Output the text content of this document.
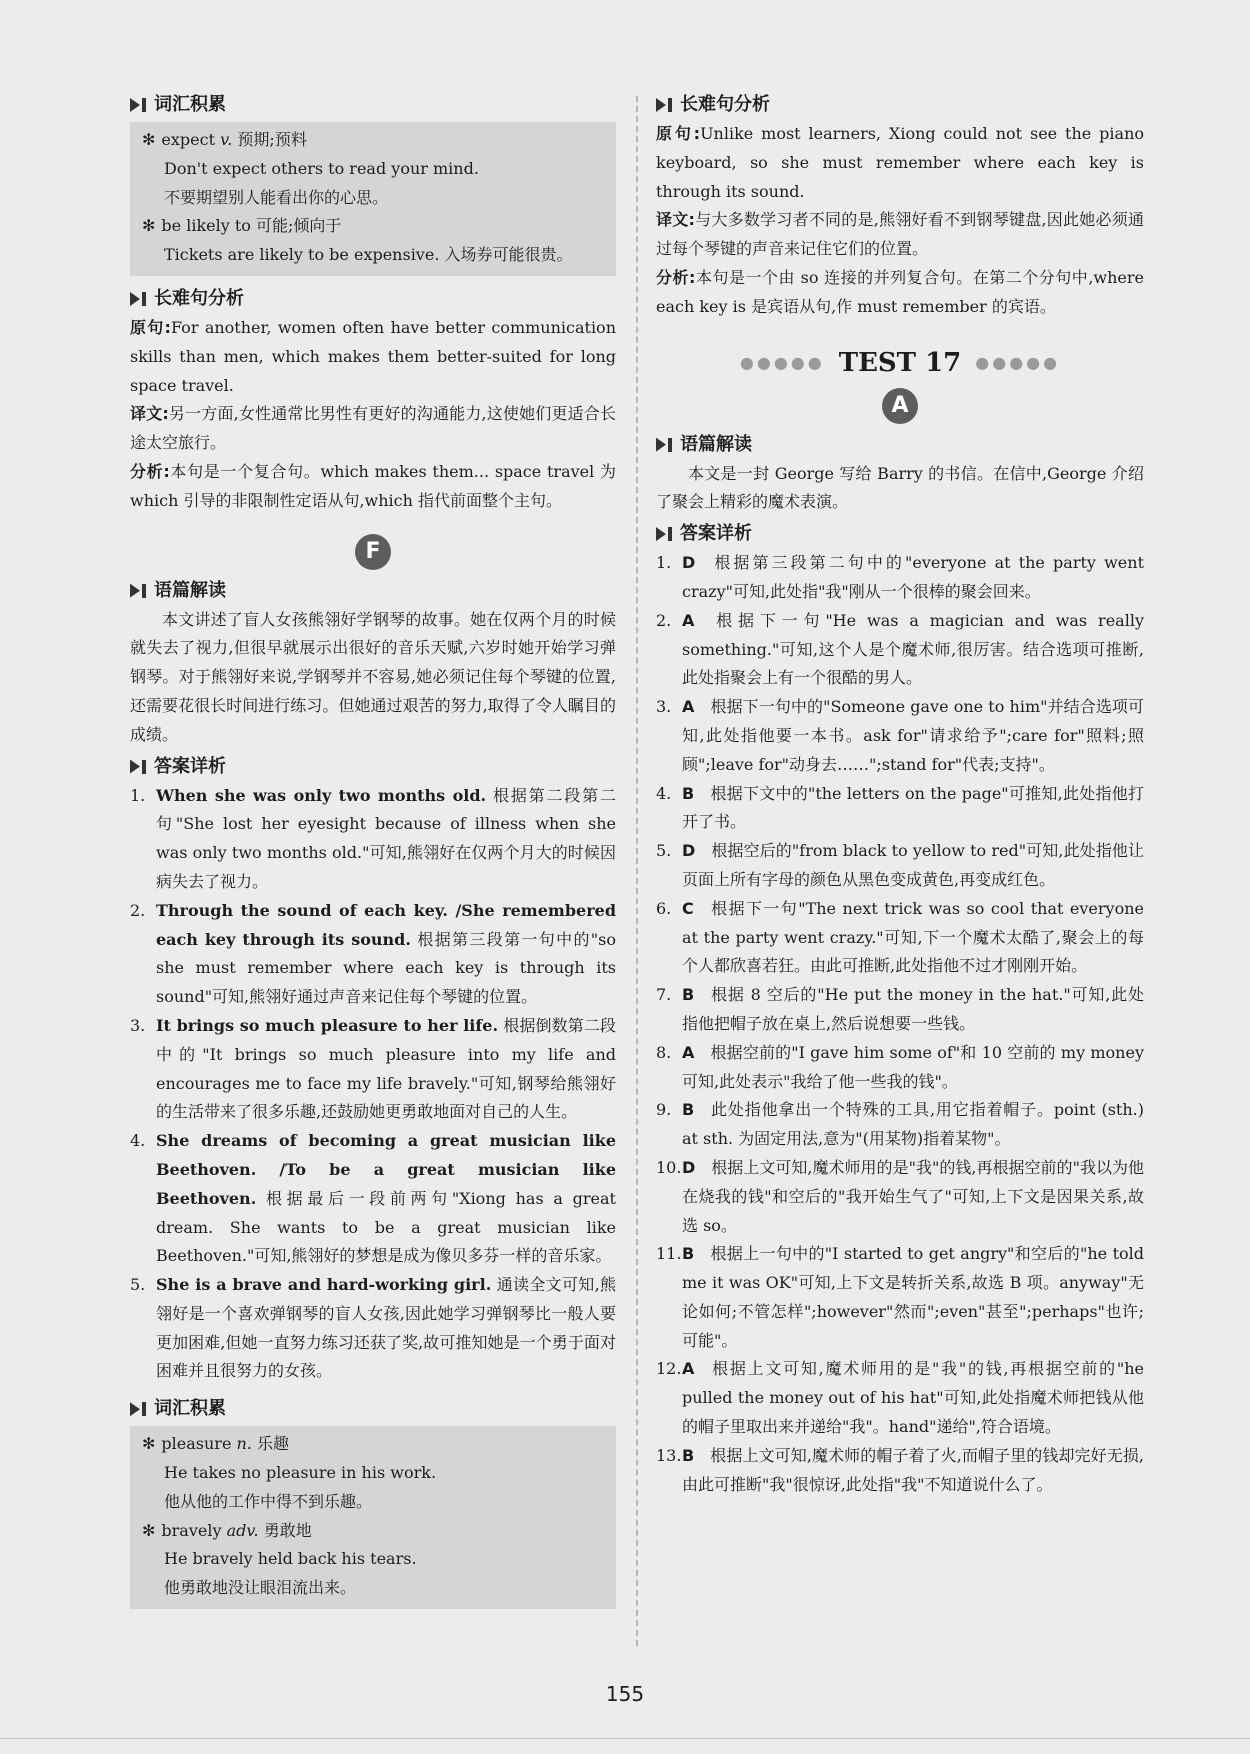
词汇积累
✻ expect v. 预期;预料
Don't expect others to read your mind.
不要期望别人能看出你的心思。
✻ be likely to 可能;倾向于
Tickets are likely to be expensive. 入场券可能很贵。
长难句分析

原句:For another, women often have better communication skills than men, which makes them better-suited for long space travel.

译文:另一方面,女性通常比男性有更好的沟通能力,这使她们更适合长途太空旅行。

分析:本句是一个复合句。which makes them... space travel 为 which 引导的非限制性定语从句,which 指代前面整个主句。

F
语篇解读

本文讲述了盲人女孩熊翎好学钢琴的故事。她在仅两个月的时候就失去了视力,但很早就展示出很好的音乐天赋,六岁时她开始学习弹钢琴。对于熊翎好来说,学钢琴并不容易,她必须记住每个琴键的位置,还需要花很长时间进行练习。但她通过艰苦的努力,取得了令人瞩目的成绩。

答案详析
1. When she was only two months old. 根据第二段第二句"She lost her eyesight because of illness when she was only two months old."可知,熊翎好在仅两个月大的时候因病失去了视力。
2. Through the sound of each key. /She remembered each key through its sound. 根据第三段第一句中的"so she must remember where each key is through its sound"可知,熊翎好通过声音来记住每个琴键的位置。
3. It brings so much pleasure to her life. 根据倒数第二段中的"It brings so much pleasure into my life and encourages me to face my life bravely."可知,钢琴给熊翎好的生活带来了很多乐趣,还鼓励她更勇敢地面对自己的人生。
4. She dreams of becoming a great musician like Beethoven. /To be a great musician like Beethoven. 根据最后一段前两句"Xiong has a great dream. She wants to be a great musician like Beethoven."可知,熊翎好的梦想是成为像贝多芬一样的音乐家。
5. She is a brave and hard-working girl. 通读全文可知,熊翎好是一个喜欢弹钢琴的盲人女孩,因此她学习弹钢琴比一般人要更加困难,但她一直努力练习还获了奖,故可推知她是一个勇于面对困难并且很努力的女孩。
词汇积累
✻ pleasure n. 乐趣
He takes no pleasure in his work.
他从他的工作中得不到乐趣。
✻ bravely adv. 勇敢地
He bravely held back his tears.
他勇敢地没让眼泪流出来。
长难句分析

原句:Unlike most learners, Xiong could not see the piano keyboard, so she must remember where each key is through its sound.

译文:与大多数学习者不同的是,熊翎好看不到钢琴键盘,因此她必须通过每个琴键的声音来记住它们的位置。

分析:本句是一个由 so 连接的并列复合句。在第二个分句中,where each key is 是宾语从句,作 must remember 的宾语。

●●●●● TEST 17 ●●●●●
A
语篇解读

本文是一封 George 写给 Barry 的书信。在信中,George 介绍了聚会上精彩的魔术表演。

答案详析
1. D 根据第三段第二句中的"everyone at the party went crazy"可知,此处指"我"刚从一个很棒的聚会回来。
2. A 根据下一句"He was a magician and was really something."可知,这个人是个魔术师,很厉害。结合选项可推断,此处指聚会上有一个很酷的男人。
3. A 根据下一句中的"Someone gave one to him"并结合选项可知,此处指他要一本书。ask for"请求给予";care for"照料;照顾";leave for"动身去……";stand for"代表;支持"。
4. B 根据下文中的"the letters on the page"可推知,此处指他打开了书。
5. D 根据空后的"from black to yellow to red"可知,此处指他让页面上所有字母的颜色从黑色变成黄色,再变成红色。
6. C 根据下一句"The next trick was so cool that everyone at the party went crazy."可知,下一个魔术太酷了,聚会上的每个人都欣喜若狂。由此可推断,此处指他不过才刚刚开始。
7. B 根据 8 空后的"He put the money in the hat."可知,此处指他把帽子放在桌上,然后说想要一些钱。
8. A 根据空前的"I gave him some of"和 10 空前的 my money 可知,此处表示"我给了他一些我的钱"。
9. B 此处指他拿出一个特殊的工具,用它指着帽子。point (sth.) at sth. 为固定用法,意为"(用某物)指着某物"。
10. D 根据上文可知,魔术师用的是"我"的钱,再根据空前的"我以为他在烧我的钱"和空后的"我开始生气了"可知,上下文是因果关系,故选 so。
11. B 根据上一句中的"I started to get angry"和空后的"he told me it was OK"可知,上下文是转折关系,故选 B 项。anyway"无论如何;不管怎样";however"然而";even"甚至";perhaps"也许;可能"。
12. A 根据上文可知,魔术师用的是"我"的钱,再根据空前的"he pulled the money out of his hat"可知,此处指魔术师把钱从他的帽子里取出来并递给"我"。hand"递给",符合语境。
13. B 根据上文可知,魔术师的帽子着了火,而帽子里的钱却完好无损,由此可推断"我"很惊讶,此处指"我"不知道说什么了。
155
